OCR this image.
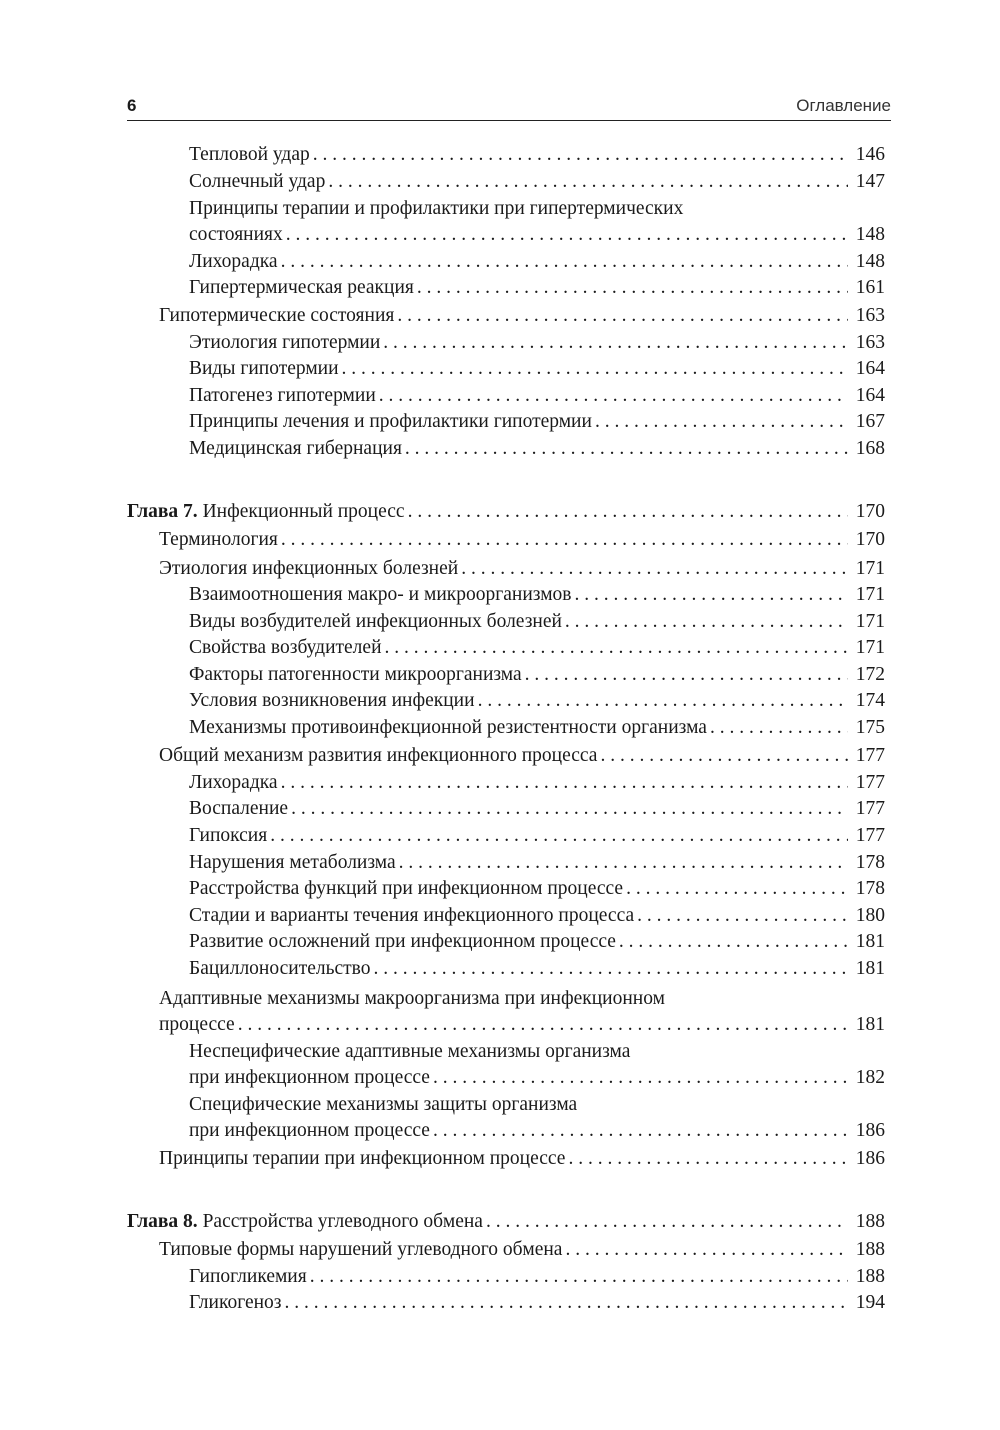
6	Оглавление
Тепловой удар . . .	146
Солнечный удар . . .	147
Принципы терапии и профилактики при гипертермических
состояниях . . .	148
Лихорадка . . .	148
Гипертермическая реакция . . .	161
Гипотермические состояния . . .	163
Этиология гипотермии . . .	163
Виды гипотермии . . .	164
Патогенез гипотермии . . .	164
Принципы лечения и профилактики гипотермии . . .	167
Медицинская гибернация . . .	168
Глава 7. Инфекционный процесс . . .	170
Терминология . . .	170
Этиология инфекционных болезней . . .	171
Взаимоотношения макро- и микроорганизмов . . .	171
Виды возбудителей инфекционных болезней . . .	171
Свойства возбудителей . . .	171
Факторы патогенности микроорганизма . . .	172
Условия возникновения инфекции . . .	174
Механизмы противоинфекционной резистентности организма . . .	175
Общий механизм развития инфекционного процесса . . .	177
Лихорадка . . .	177
Воспаление . . .	177
Гипоксия . . .	177
Нарушения метаболизма . . .	178
Расстройства функций при инфекционном процессе . . .	178
Стадии и варианты течения инфекционного процесса . . .	180
Развитие осложнений при инфекционном процессе . . .	181
Бациллоносительство . . .	181
Адаптивные механизмы макроорганизма при инфекционном
процессе . . .	181
Неспецифические адаптивные механизмы организма
при инфекционном процессе . . .	182
Специфические механизмы защиты организма
при инфекционном процессе . . .	186
Принципы терапии при инфекционном процессе . . .	186
Глава 8. Расстройства углеводного обмена . . .	188
Типовые формы нарушений углеводного обмена . . .	188
Гипогликемия . . .	188
Гликогеноз . . .	194
